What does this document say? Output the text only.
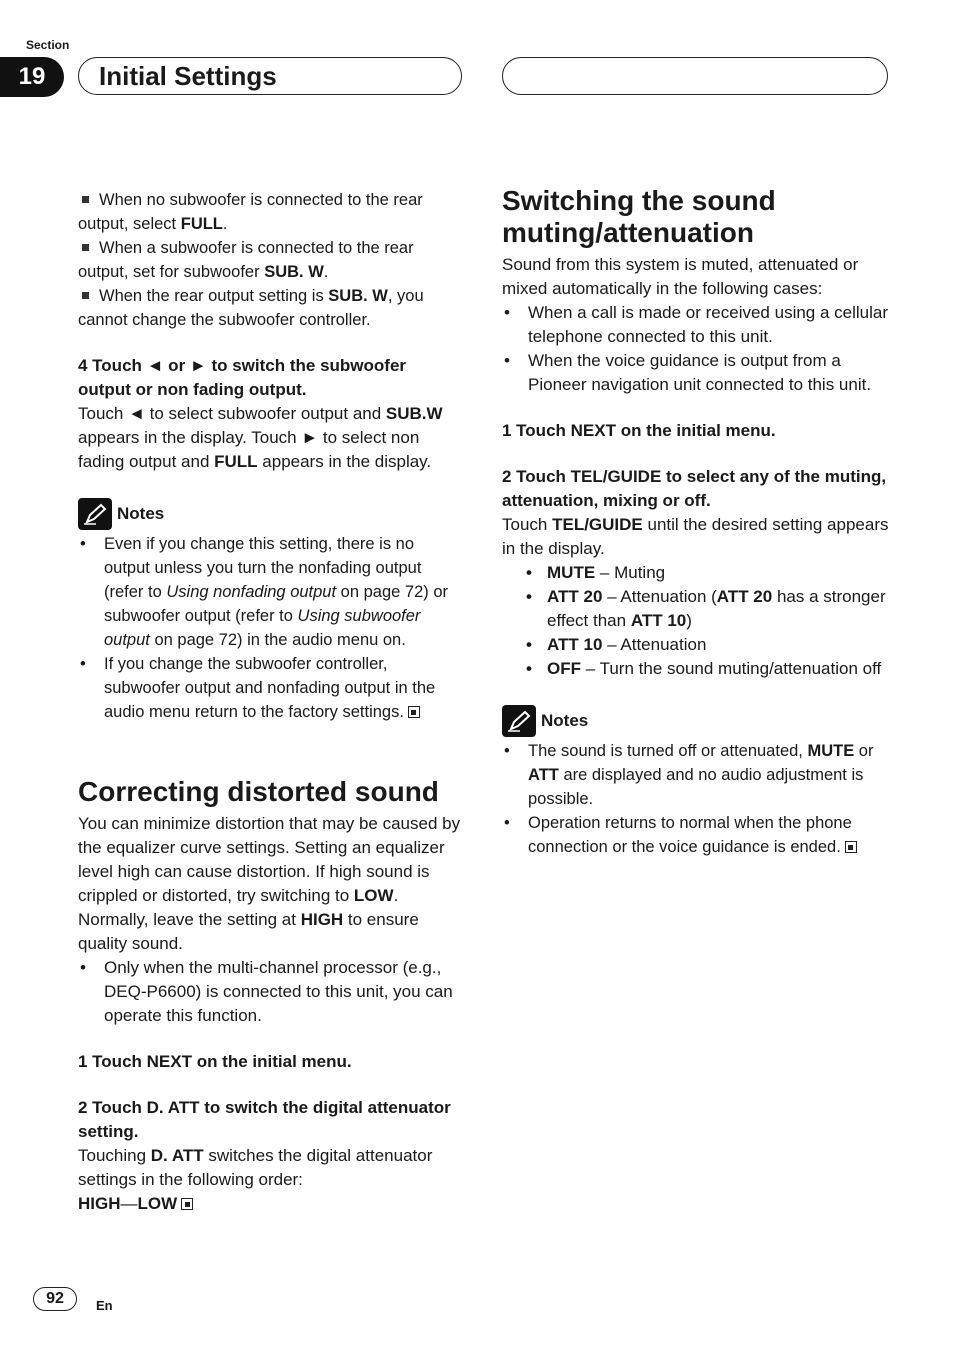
Section
19	Initial Settings

When no subwoofer is connected to the rear output, select FULL.

When a subwoofer is connected to the rear output, set for subwoofer SUB. W.

When the rear output setting is SUB. W, you cannot change the subwoofer controller.

4 Touch ◄ or ► to switch the subwoofer output or non fading output.

Touch ◄ to select subwoofer output and SUB.W appears in the display. Touch ► to select non fading output and FULL appears in the display.

Notes
• Even if you change this setting, there is no output unless you turn the nonfading output (refer to Using nonfading output on page 72) or subwoofer output (refer to Using subwoofer output on page 72) in the audio menu on.
• If you change the subwoofer controller, subwoofer output and nonfading output in the audio menu return to the factory settings.
Correcting distorted sound

You can minimize distortion that may be caused by the equalizer curve settings. Setting an equalizer level high can cause distortion. If high sound is crippled or distorted, try switching to LOW. Normally, leave the setting at HIGH to ensure quality sound.

• Only when the multi-channel processor (e.g., DEQ-P6600) is connected to this unit, you can operate this function.

1 Touch NEXT on the initial menu.

2 Touch D. ATT to switch the digital attenuator setting.

Touching D. ATT switches the digital attenuator settings in the following order:

HIGH—LOW

Switching the sound muting/attenuation

Sound from this system is muted, attenuated or mixed automatically in the following cases:

• When a call is made or received using a cellular telephone connected to this unit.
• When the voice guidance is output from a Pioneer navigation unit connected to this unit.

1 Touch NEXT on the initial menu.

2 Touch TEL/GUIDE to select any of the muting, attenuation, mixing or off.

Touch TEL/GUIDE until the desired setting appears in the display.

• MUTE – Muting
• ATT 20 – Attenuation (ATT 20 has a stronger effect than ATT 10)
• ATT 10 – Attenuation
• OFF – Turn the sound muting/attenuation off
Notes
• The sound is turned off or attenuated, MUTE or ATT are displayed and no audio adjustment is possible.
• Operation returns to normal when the phone connection or the voice guidance is ended.
92	En
